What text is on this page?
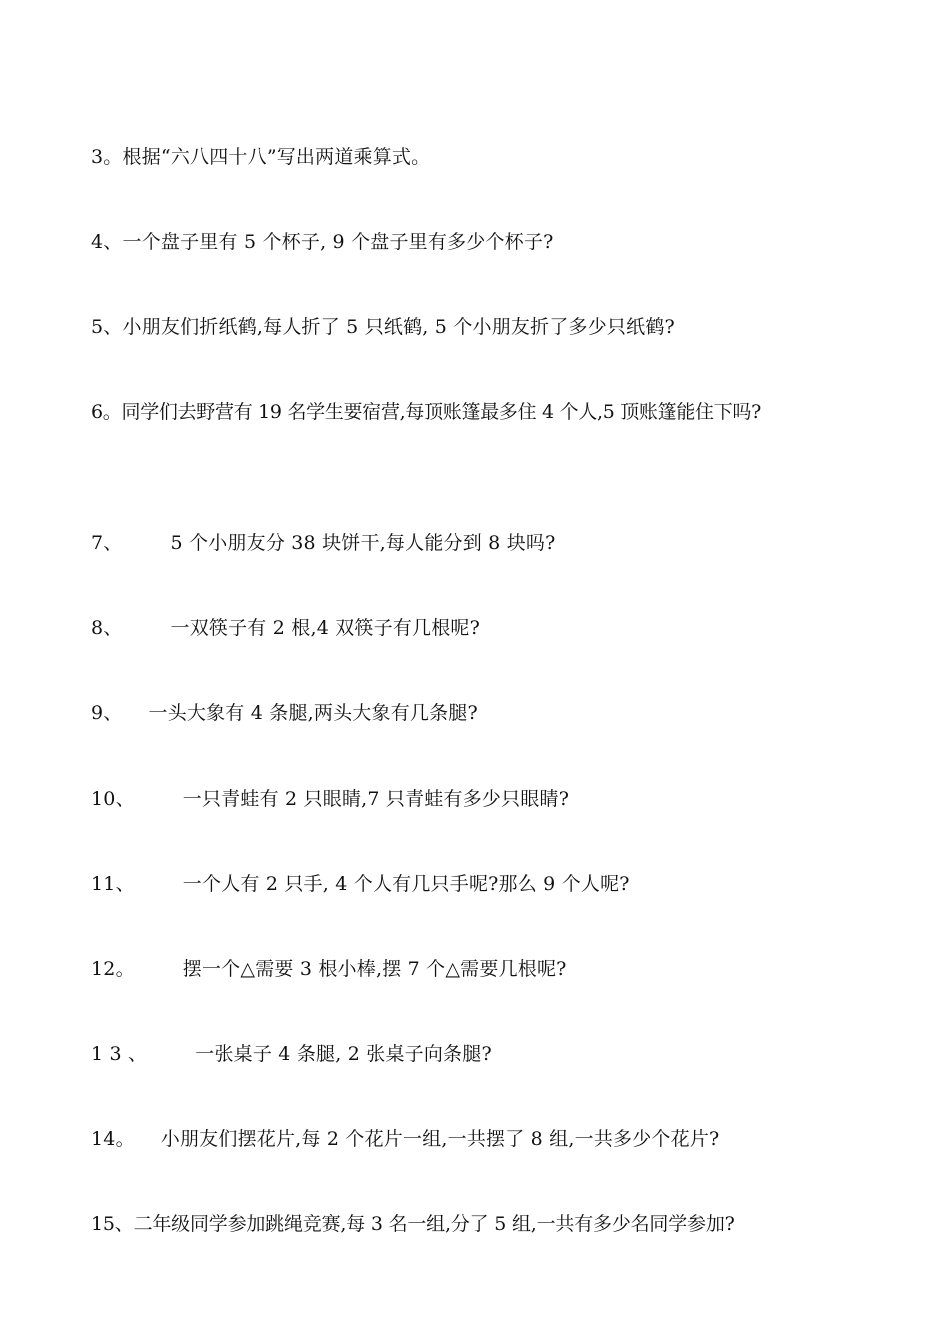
3。根据“六八四十八”写出两道乘算式。
4、一个盘子里有 5 个杯子, 9 个盘子里有多少个杯子?
5、小朋友们折纸鹤,每人折了 5 只纸鹤, 5 个小朋友折了多少只纸鹤?
6。同学们去野营有 19 名学生要宿营,每顶账篷最多住 4 个人,5 顶账篷能住下吗?
7、	5 个小朋友分 38 块饼干,每人能分到 8 块吗?
8、	一双筷子有 2 根,4 双筷子有几根呢?
9、 一头大象有 4 条腿,两头大象有几条腿?
10、	一只青蛙有 2 只眼睛,7 只青蛙有多少只眼睛?
11、	一个人有 2 只手, 4 个人有几只手呢?那么 9 个人呢?
12。	摆一个△需要 3 根小棒,摆 7 个△需要几根呢?
1 3 、	一张桌子 4 条腿, 2 张桌子向条腿?
14。 小朋友们摆花片,每 2 个花片一组,一共摆了 8 组,一共多少个花片?
15、二年级同学参加跳绳竞赛,每 3 名一组,分了 5 组,一共有多少名同学参加?
